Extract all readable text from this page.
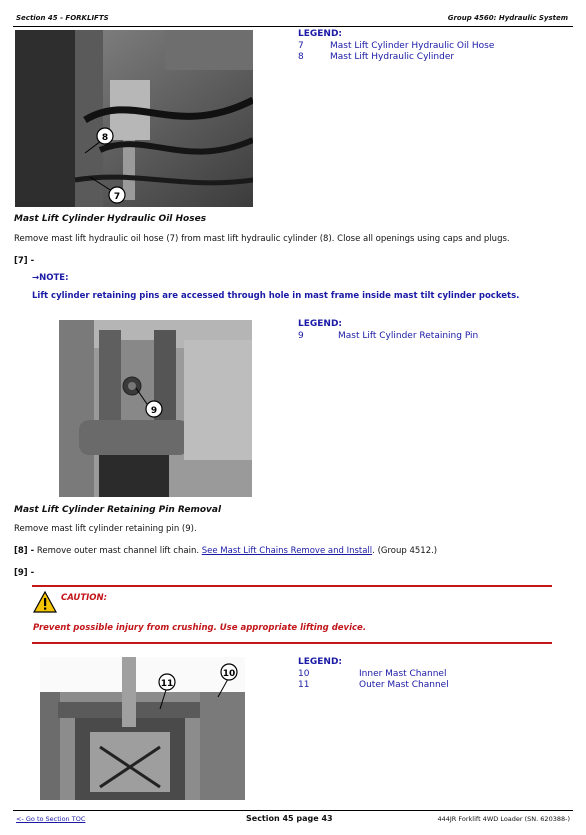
Section 45 - FORKLIFTS	Group 4560: Hydraulic System
8
7
LEGEND:
7	Mast Lift Cylinder Hydraulic Oil Hose
8	Mast Lift Hydraulic Cylinder
Mast Lift Cylinder Hydraulic Oil Hoses
Remove mast lift hydraulic oil hose (7) from mast lift hydraulic cylinder (8). Close all openings using caps and plugs.
[7] -
→NOTE:
Lift cylinder retaining pins are accessed through hole in mast frame inside mast tilt cylinder pockets.
9
LEGEND:
9	Mast Lift Cylinder Retaining Pin
Mast Lift Cylinder Retaining Pin Removal
Remove mast lift cylinder retaining pin (9).
[8] - Remove outer mast channel lift chain. See Mast Lift Chains Remove and Install. (Group 4512.)
[9] -
CAUTION:
Prevent possible injury from crushing. Use appropriate lifting device.
11
10
LEGEND:
10	Inner Mast Channel
11	Outer Mast Channel
<- Go to Section TOC	Section 45 page 43	444JR Forklift 4WD Loader (SN. 620388-)
